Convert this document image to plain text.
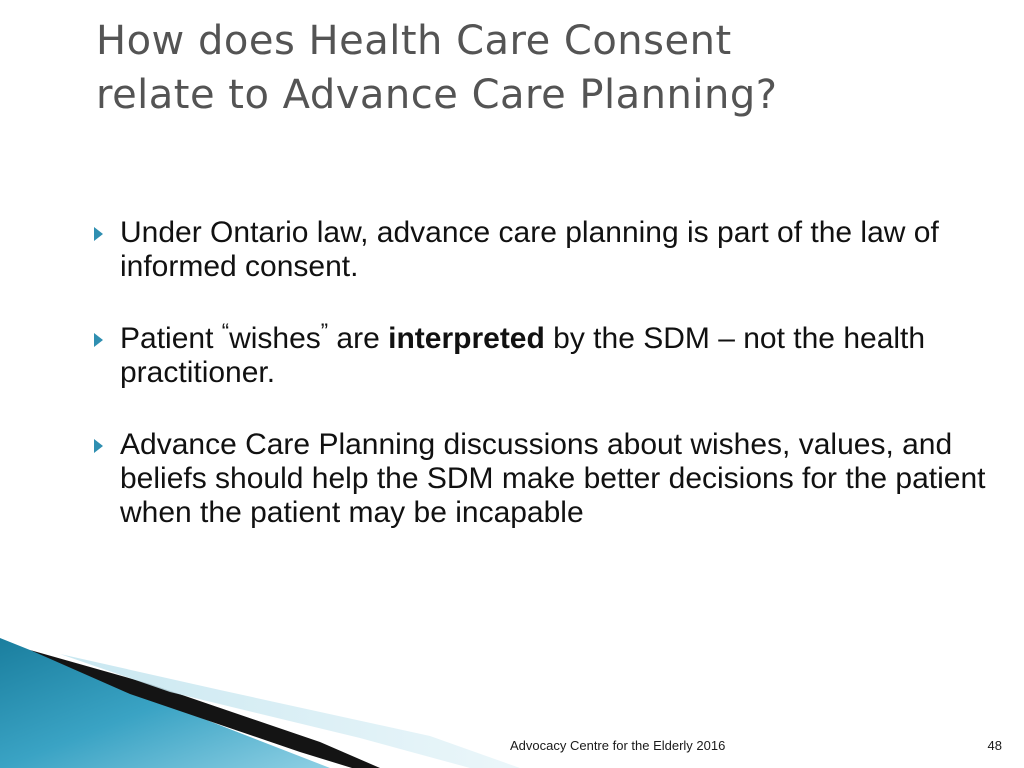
How does Health Care Consent relate to Advance Care Planning?
Under Ontario law, advance care planning is part of the law of informed consent.
Patient “wishes” are interpreted by the SDM – not the health practitioner.
Advance Care Planning discussions about wishes, values, and beliefs should help the SDM make better decisions for the patient when the patient may be incapable
Advocacy Centre for the Elderly 2016	48
